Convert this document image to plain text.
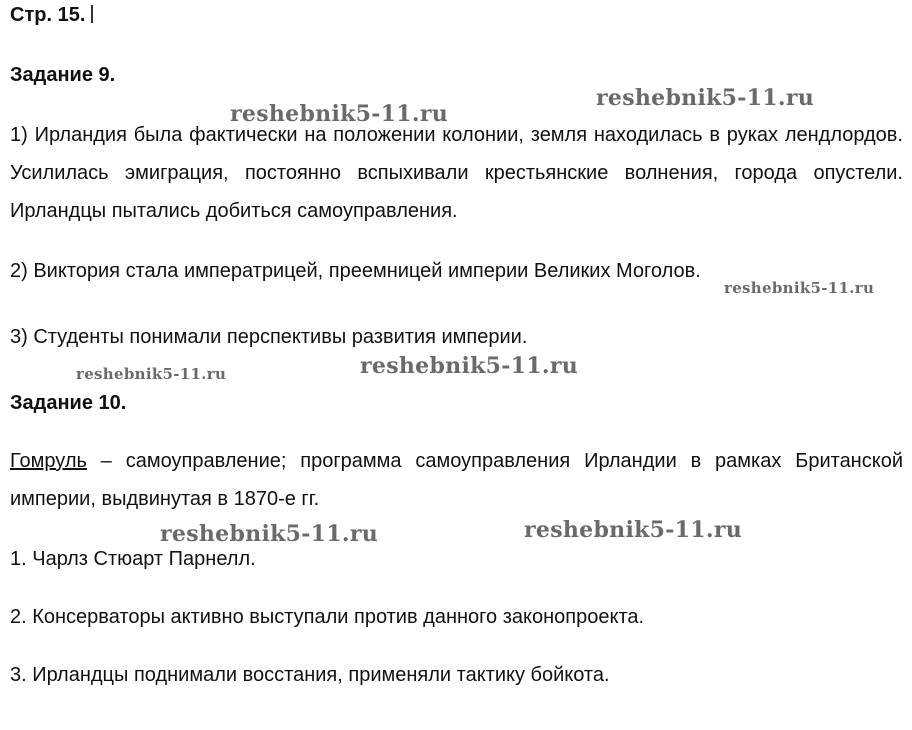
Стр. 15.

Задание 9.

1) Ирландия была фактически на положении колонии, земля находилась в руках лендлордов. Усилилась эмиграция, постоянно вспыхивали крестьянские волнения, города опустели. Ирландцы пытались добиться самоуправления.

2) Виктория стала императрицей, преемницей империи Великих Моголов.

3) Студенты понимали перспективы развития империи.

Задание 10.

Гомруль – самоуправление; программа самоуправления Ирландии в рамках Британской империи, выдвинутая в 1870-е гг.

1. Чарлз Стюарт Парнелл.

2. Консерваторы активно выступали против данного законопроекта.

3. Ирландцы поднимали восстания, применяли тактику бойкота.

reshebnik5-11.ru

reshebnik5-11.ru

reshebnik5-11.ru

reshebnik5-11.ru	reshebnik5-11.ru

reshebnik5-11.ru	reshebnik5-11.ru
